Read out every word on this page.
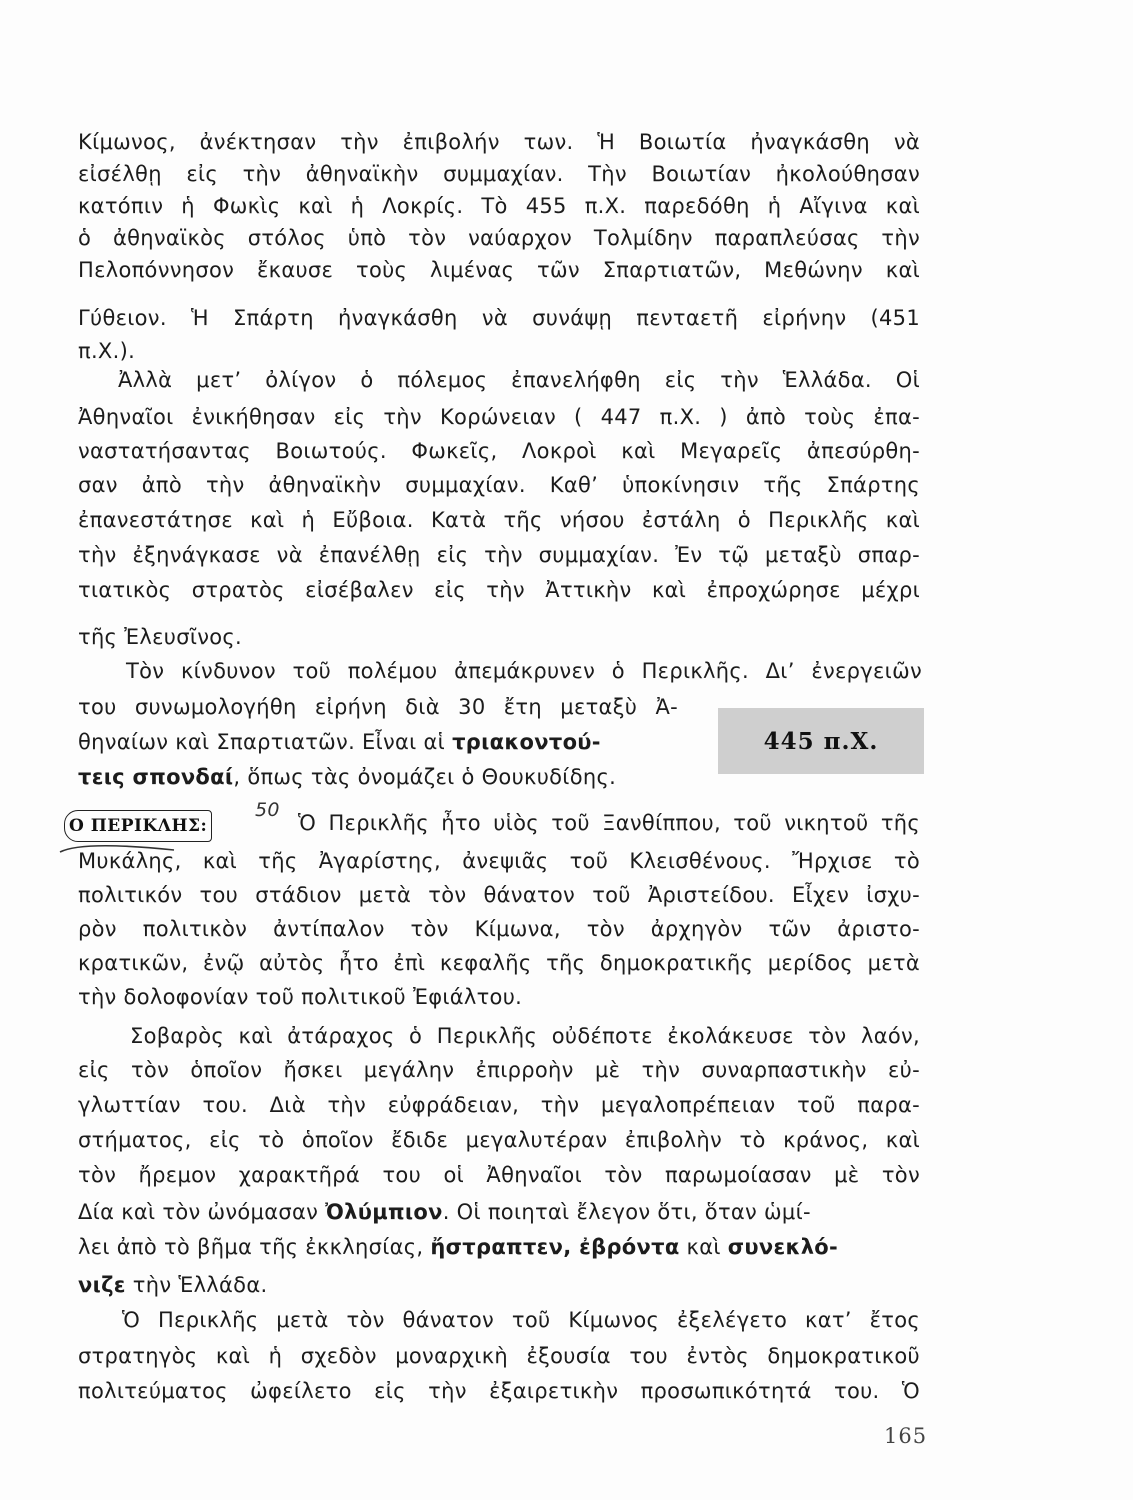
Κίμωνος, ἀνέκτησαν τὴν ἐπιβολήν των. Ἡ Βοιωτία ἠναγκάσθη νὰ
εἰσέλθῃ εἰς τὴν ἀθηναϊκὴν συμμαχίαν. Τὴν Βοιωτίαν ἠκολούθησαν
κατόπιν ἡ Φωκὶς καὶ ἡ Λοκρίς. Τὸ 455 π.Χ. παρεδόθη ἡ Αἴγινα καὶ
ὁ ἀθηναϊκὸς στόλος ὑπὸ τὸν ναύαρχον Τολμίδην παραπλεύσας τὴν
Πελοπόννησον ἔκαυσε τοὺς λιμένας τῶν Σπαρτιατῶν, Μεθώνην καὶ
Γύθειον. Ἡ Σπάρτη ἠναγκάσθη νὰ συνάψῃ πενταετῆ εἰρήνην (451
π.Χ.).
Ἀλλὰ μετ’ ὀλίγον ὁ πόλεμος ἐπανελήφθη εἰς τὴν Ἑλλάδα. Οἱ
Ἀθηναῖοι ἐνικήθησαν εἰς τὴν Κορώνειαν ( 447 π.Χ. ) ἀπὸ τοὺς ἐπα-
ναστατήσαντας Βοιωτούς. Φωκεῖς, Λοκροὶ καὶ Μεγαρεῖς ἀπεσύρθη-
σαν ἀπὸ τὴν ἀθηναϊκὴν συμμαχίαν. Καθ’ ὑποκίνησιν τῆς Σπάρτης
ἐπανεστάτησε καὶ ἡ Εὔβοια. Κατὰ τῆς νήσου ἐστάλη ὁ Περικλῆς καὶ
τὴν ἐξηνάγκασε νὰ ἐπανέλθῃ εἰς τὴν συμμαχίαν. Ἐν τῷ μεταξὺ σπαρ-
τιατικὸς στρατὸς εἰσέβαλεν εἰς τὴν Ἀττικὴν καὶ ἐπροχώρησε μέχρι
τῆς Ἐλευσῖνος.
Τὸν κίνδυνον τοῦ πολέμου ἀπεμάκρυνεν ὁ Περικλῆς. Δι’ ἐνεργειῶν
του συνωμολογήθη εἰρήνη διὰ 30 ἔτη μεταξὺ Ἀ-
θηναίων καὶ Σπαρτιατῶν. Εἶναι αἱ τριακοντού-
τεις σπονδαί, ὅπως τὰς ὀνομάζει ὁ Θουκυδίδης.
445 π.Χ.
Ο ΠΕΡΙΚΛΗΣ:
50
Ὁ Περικλῆς ἦτο υἱὸς τοῦ Ξανθίππου, τοῦ νικητοῦ τῆς
Μυκάλης, καὶ τῆς Ἀγαρίστης, ἀνεψιᾶς τοῦ Κλεισθένους. Ἤρχισε τὸ
πολιτικόν του στάδιον μετὰ τὸν θάνατον τοῦ Ἀριστείδου. Εἶχεν ἰσχυ-
ρὸν πολιτικὸν ἀντίπαλον τὸν Κίμωνα, τὸν ἀρχηγὸν τῶν ἀριστο-
κρατικῶν, ἐνῷ αὐτὸς ἦτο ἐπὶ κεφαλῆς τῆς δημοκρατικῆς μερίδος μετὰ
τὴν δολοφονίαν τοῦ πολιτικοῦ Ἐφιάλτου.
Σοβαρὸς καὶ ἀτάραχος ὁ Περικλῆς οὐδέποτε ἐκολάκευσε τὸν λαόν,
εἰς τὸν ὁποῖον ἤσκει μεγάλην ἐπιρροὴν μὲ τὴν συναρπαστικὴν εὐ-
γλωττίαν του. Διὰ τὴν εὐφράδειαν, τὴν μεγαλοπρέπειαν τοῦ παρα-
στήματος, εἰς τὸ ὁποῖον ἔδιδε μεγαλυτέραν ἐπιβολὴν τὸ κράνος, καὶ
τὸν ἤρεμον χαρακτῆρά του οἱ Ἀθηναῖοι τὸν παρωμοίασαν μὲ τὸν
Δία καὶ τὸν ὠνόμασαν Ὀλύμπιον. Οἱ ποιηταὶ ἔλεγον ὅτι, ὅταν ὡμί-
λει ἀπὸ τὸ βῆμα τῆς ἐκκλησίας, ἤστραπτεν, ἐβρόντα καὶ συνεκλό-
νιζε τὴν Ἑλλάδα.
Ὁ Περικλῆς μετὰ τὸν θάνατον τοῦ Κίμωνος ἐξελέγετο κατ’ ἔτος
στρατηγὸς καὶ ἡ σχεδὸν μοναρχικὴ ἐξουσία του ἐντὸς δημοκρατικοῦ
πολιτεύματος ὠφείλετο εἰς τὴν ἐξαιρετικὴν προσωπικότητά του. Ὁ
165
